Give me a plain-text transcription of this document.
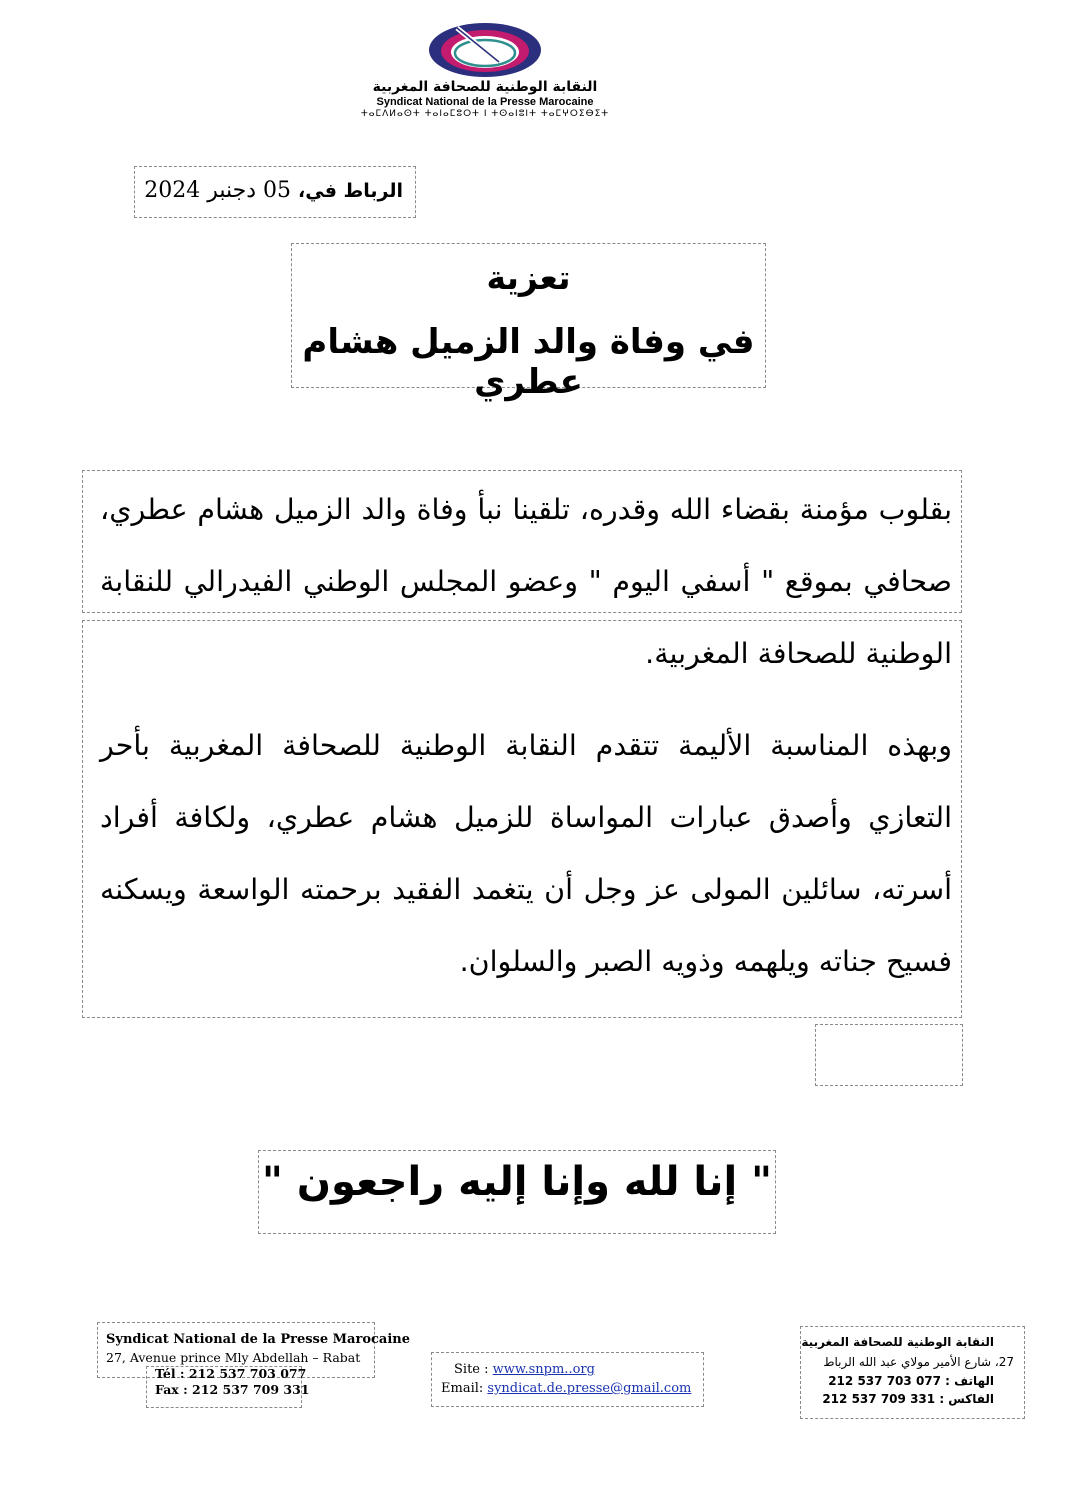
النقابة الوطنية للصحافة المغربية
Syndicat National de la Presse Marocaine
ⵜⴰⵎⴷⵍⴰⵙⵜ ⵜⴰⵏⴰⵎⵓⵔⵜ ⵏ ⵜⵙⴰⵏⵓⵏⵜ ⵜⴰⵎⵖⵔⵉⴱⵉⵜ
الرباط في، 05 دجنبر 2024
تعزية
في وفاة والد الزميل هشام عطري

بقلوب مؤمنة بقضاء الله وقدره، تلقينا نبأ وفاة والد الزميل هشام عطري، صحافي بموقع " أسفي اليوم " وعضو المجلس الوطني الفيدرالي للنقابة الوطنية للصحافة المغربية.

وبهذه المناسبة الأليمة تتقدم النقابة الوطنية للصحافة المغربية بأحر التعازي وأصدق عبارات المواساة للزميل هشام عطري، ولكافة أفراد أسرته، سائلين المولى عز وجل أن يتغمد الفقيد برحمته الواسعة ويسكنه فسيح جناته ويلهمه وذويه الصبر والسلوان.

" إنا لله وإنا إليه راجعون "
Syndicat National de la Presse Marocaine
27, Avenue prince Mly Abdellah – Rabat
Tél : 212 537 703 077
Fax : 212 537 709 331
Site : www.snpm..org
Email: syndicat.de.presse@gmail.com
النقابة الوطنية للصحافة المغربية
27، شارع الأمير مولاي عبد الله الرباط
الهاتف : 077 703 537 212
الفاكس : 331 709 537 212
